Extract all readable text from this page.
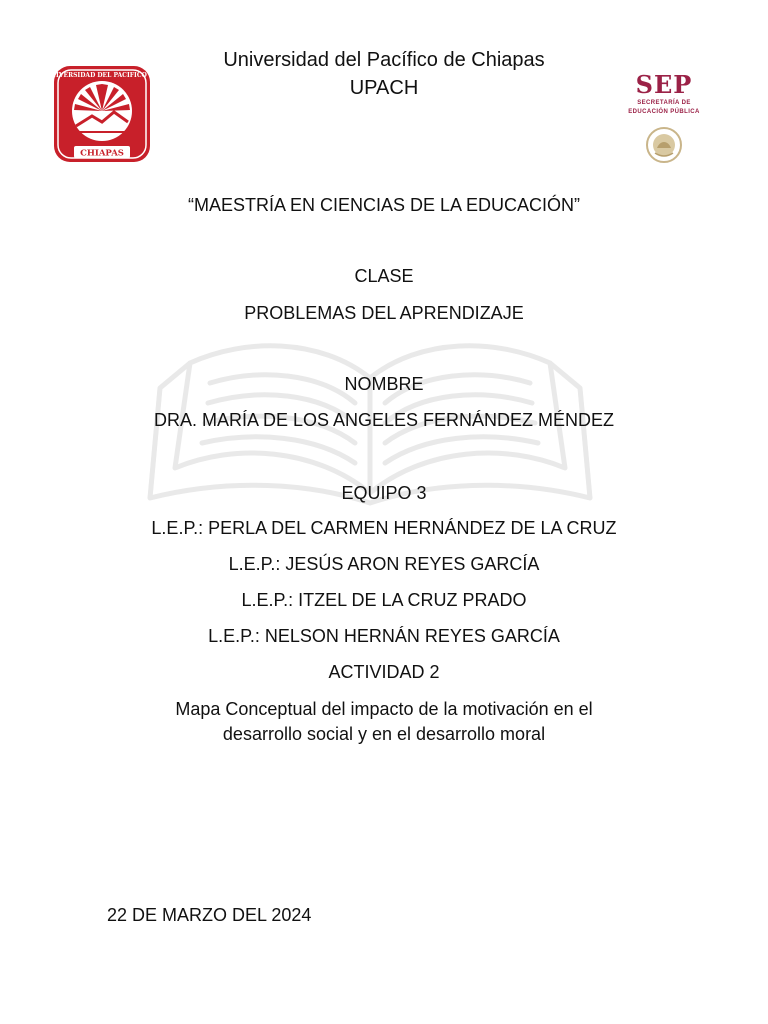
CHIAPAS
UNIVERSIDAD DEL PACIFICO DE	SEP
SECRETARÍA DE
EDUCACIÓN PÚBLICA
Universidad del Pacífico de Chiapas
UPACH
“MAESTRÍA EN CIENCIAS DE LA EDUCACIÓN”
CLASE
PROBLEMAS DEL APRENDIZAJE
NOMBRE
DRA. MARÍA DE LOS ANGELES FERNÁNDEZ MÉNDEZ
EQUIPO 3
L.E.P.: PERLA DEL CARMEN HERNÁNDEZ DE LA CRUZ
L.E.P.: JESÚS ARON REYES GARCÍA
L.E.P.: ITZEL DE LA CRUZ PRADO
L.E.P.: NELSON HERNÁN REYES GARCÍA
ACTIVIDAD 2
Mapa Conceptual del impacto de la motivación en el
desarrollo social y en el desarrollo moral
22 DE MARZO DEL 2024
